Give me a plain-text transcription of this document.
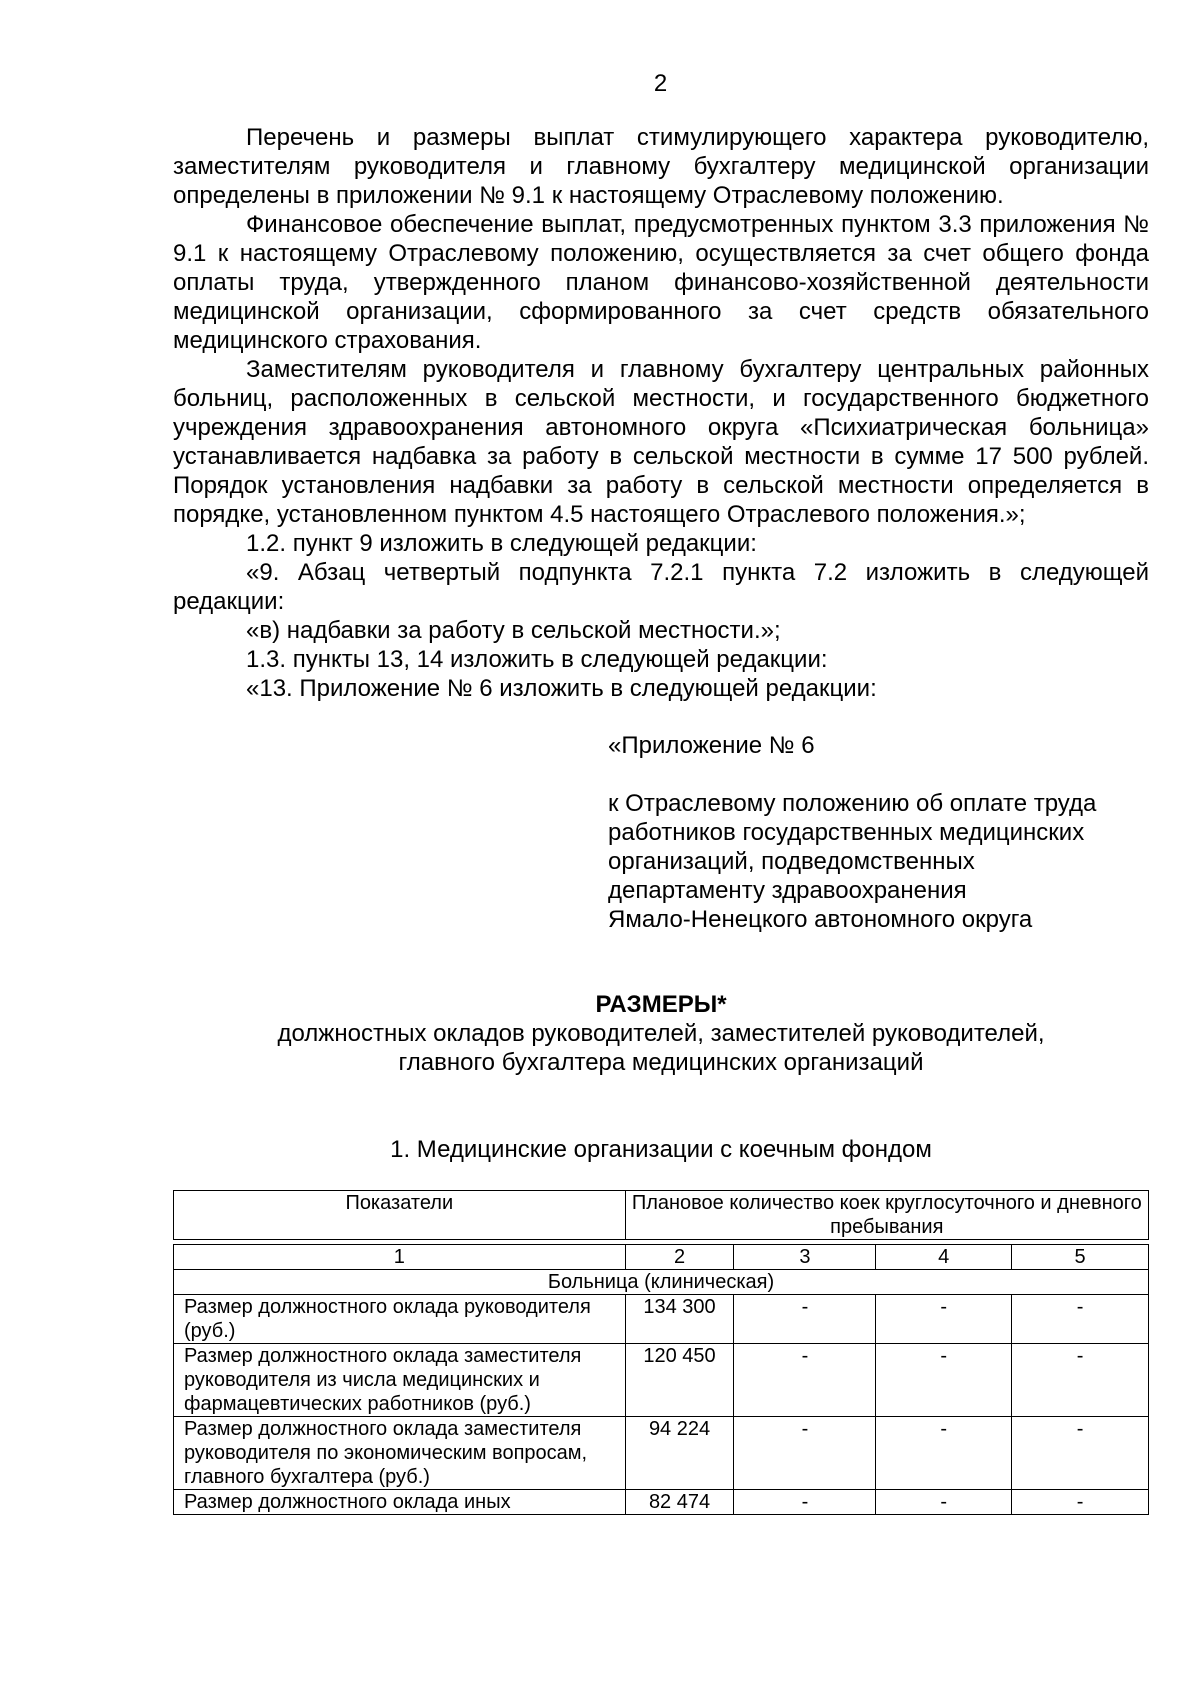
2

Перечень и размеры выплат стимулирующего характера руководителю, заместителям руководителя и главному бухгалтеру медицинской организации определены в приложении № 9.1 к настоящему Отраслевому положению.

Финансовое обеспечение выплат, предусмотренных пунктом 3.3 приложения № 9.1 к настоящему Отраслевому положению, осуществляется за счет общего фонда оплаты труда, утвержденного планом финансово-хозяйственной деятельности медицинской организации, сформированного за счет средств обязательного медицинского страхования.

Заместителям руководителя и главному бухгалтеру центральных районных больниц, расположенных в сельской местности, и государственного бюджетного учреждения здравоохранения автономного округа «Психиатрическая больница» устанавливается надбавка за работу в сельской местности в сумме 17 500 рублей. Порядок установления надбавки за работу в сельской местности определяется в порядке, установленном пунктом 4.5 настоящего Отраслевого положения.»;

1.2. пункт 9 изложить в следующей редакции:

«9. Абзац четвертый подпункта 7.2.1 пункта 7.2 изложить в следующей редакции:

«в) надбавки за работу в сельской местности.»;

1.3. пункты 13, 14 изложить в следующей редакции:

«13. Приложение № 6 изложить в следующей редакции:

«Приложение № 6
к Отраслевому положению об оплате труда
работников государственных медицинских
организаций, подведомственных
департаменту здравоохранения
Ямало-Ненецкого автономного округа
РАЗМЕРЫ*
должностных окладов руководителей, заместителей руководителей,
главного бухгалтера медицинских организаций
1. Медицинские организации с коечным фондом
Показатели	Плановое количество коек круглосуточного и дневного пребывания			

1	2	3	4	5
Больница (клиническая)				
Размер должностного оклада руководителя (руб.)	134 300	-	-	-
Размер должностного оклада заместителя руководителя из числа медицинских и фармацевтических работников (руб.)	120 450	-	-	-
Размер должностного оклада заместителя руководителя по экономическим вопросам, главного бухгалтера (руб.)	94 224	-	-	-
Размер должностного оклада иных	82 474	-	-	-
